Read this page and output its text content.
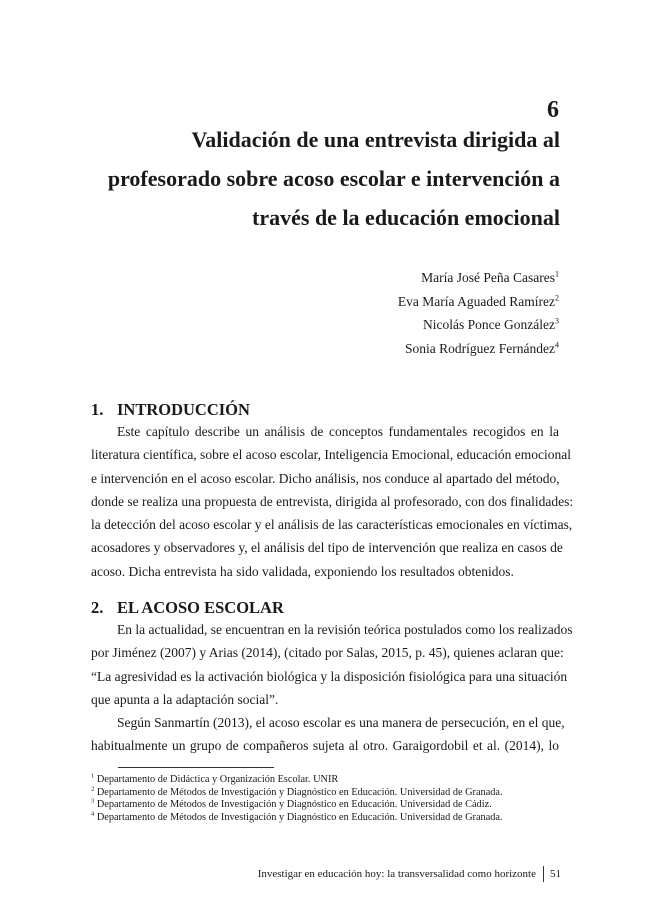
6
Validación de una entrevista dirigida al
profesorado sobre acoso escolar e intervención a
través de la educación emocional
María José Peña Casares$^1$
Eva María Aguaded Ramírez$^2$
Nicolás Ponce González$^3$
Sonia Rodríguez Fernández$^4$
1. INTRODUCCIÓN
Este capítulo describe un análisis de conceptos fundamentales recogidos en la
literatura científica, sobre el acoso escolar, Inteligencia Emocional, educación emocional
e intervención en el acoso escolar. Dicho análisis, nos conduce al apartado del método,
donde se realiza una propuesta de entrevista, dirigida al profesorado, con dos finalidades:
la detección del acoso escolar y el análisis de las características emocionales en víctimas,
acosadores y observadores y, el análisis del tipo de intervención que realiza en casos de
acoso. Dicha entrevista ha sido validada, exponiendo los resultados obtenidos.
2. EL ACOSO ESCOLAR
En la actualidad, se encuentran en la revisión teórica postulados como los realizados
por Jiménez (2007) y Arias (2014), (citado por Salas, 2015, p. 45), quienes aclaran que:
“La agresividad es la activación biológica y la disposición fisiológica para una situación
que apunta a la adaptación social”.
Según Sanmartín (2013), el acoso escolar es una manera de persecución, en el que,
habitualmente un grupo de compañeros sujeta al otro. Garaigordobil et al. (2014), lo
$^1$ Departamento de Didáctica y Organización Escolar. UNIR
$^2$ Departamento de Métodos de Investigación y Diagnóstico en Educación. Universidad de Granada.
$^3$ Departamento de Métodos de Investigación y Diagnóstico en Educación. Universidad de Cádiz.
$^4$ Departamento de Métodos de Investigación y Diagnóstico en Educación. Universidad de Granada.
Investigar en educación hoy: la transversalidad como horizonte 51
